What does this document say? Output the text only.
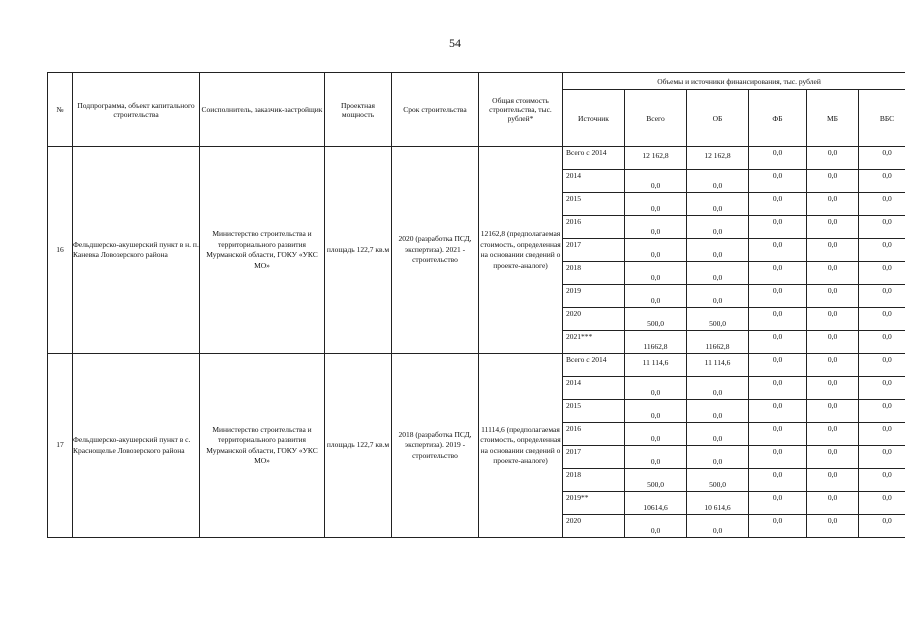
54
№	Подпрограмма, объект капитального строительства	Соисполнитель, заказчик-застройщик	Проектная мощность	Срок строительства	Общая стоимость строительства, тыс. рублей*	Объемы и источники финансирования, тыс. рублей					
						Источник	Всего	ОБ	ФБ	МБ	ВБС
16	Фельдшерско-акушерский пункт в н. п. Каневка Ловозерского района	Министерство строительства и территориального развития Мурманской области, ГОКУ «УКС МО»	площадь 122,7 кв.м	2020 (разработка ПСД, экспертиза). 2021 - строительство	12162,8 (предполагаемая стоимость, определенная на основании сведений о проекте-аналоге)	Всего с 2014	12 162,8	12 162,8	0,0	0,0	0,0

						2014	0,0	0,0	0,0	0,0	0,0

						2015	0,0	0,0	0,0	0,0	0,0

						2016	0,0	0,0	0,0	0,0	0,0

						2017	0,0	0,0	0,0	0,0	0,0

						2018	0,0	0,0	0,0	0,0	0,0

						2019	0,0	0,0	0,0	0,0	0,0

						2020	500,0	500,0	0,0	0,0	0,0

						2021***	11662,8	11662,8	0,0	0,0	0,0

17	Фельдшерско-акушерский пункт в с. Краснощелье Ловозерского района	Министерство строительства и территориального развития Мурманской области, ГОКУ «УКС МО»	площадь 122,7 кв.м	2018 (разработка ПСД, экспертиза). 2019 - строительство	11114,6 (предполагаемая стоимость, определенная на основании сведений о проекте-аналоге)	Всего с 2014	11 114,6	11 114,6	0,0	0,0	0,0

						2014	0,0	0,0	0,0	0,0	0,0

						2015	0,0	0,0	0,0	0,0	0,0

						2016	0,0	0,0	0,0	0,0	0,0

						2017	0,0	0,0	0,0	0,0	0,0

						2018	500,0	500,0	0,0	0,0	0,0

						2019**	10614,6	10 614,6	0,0	0,0	0,0

						2020	0,0	0,0	0,0	0,0	0,0
